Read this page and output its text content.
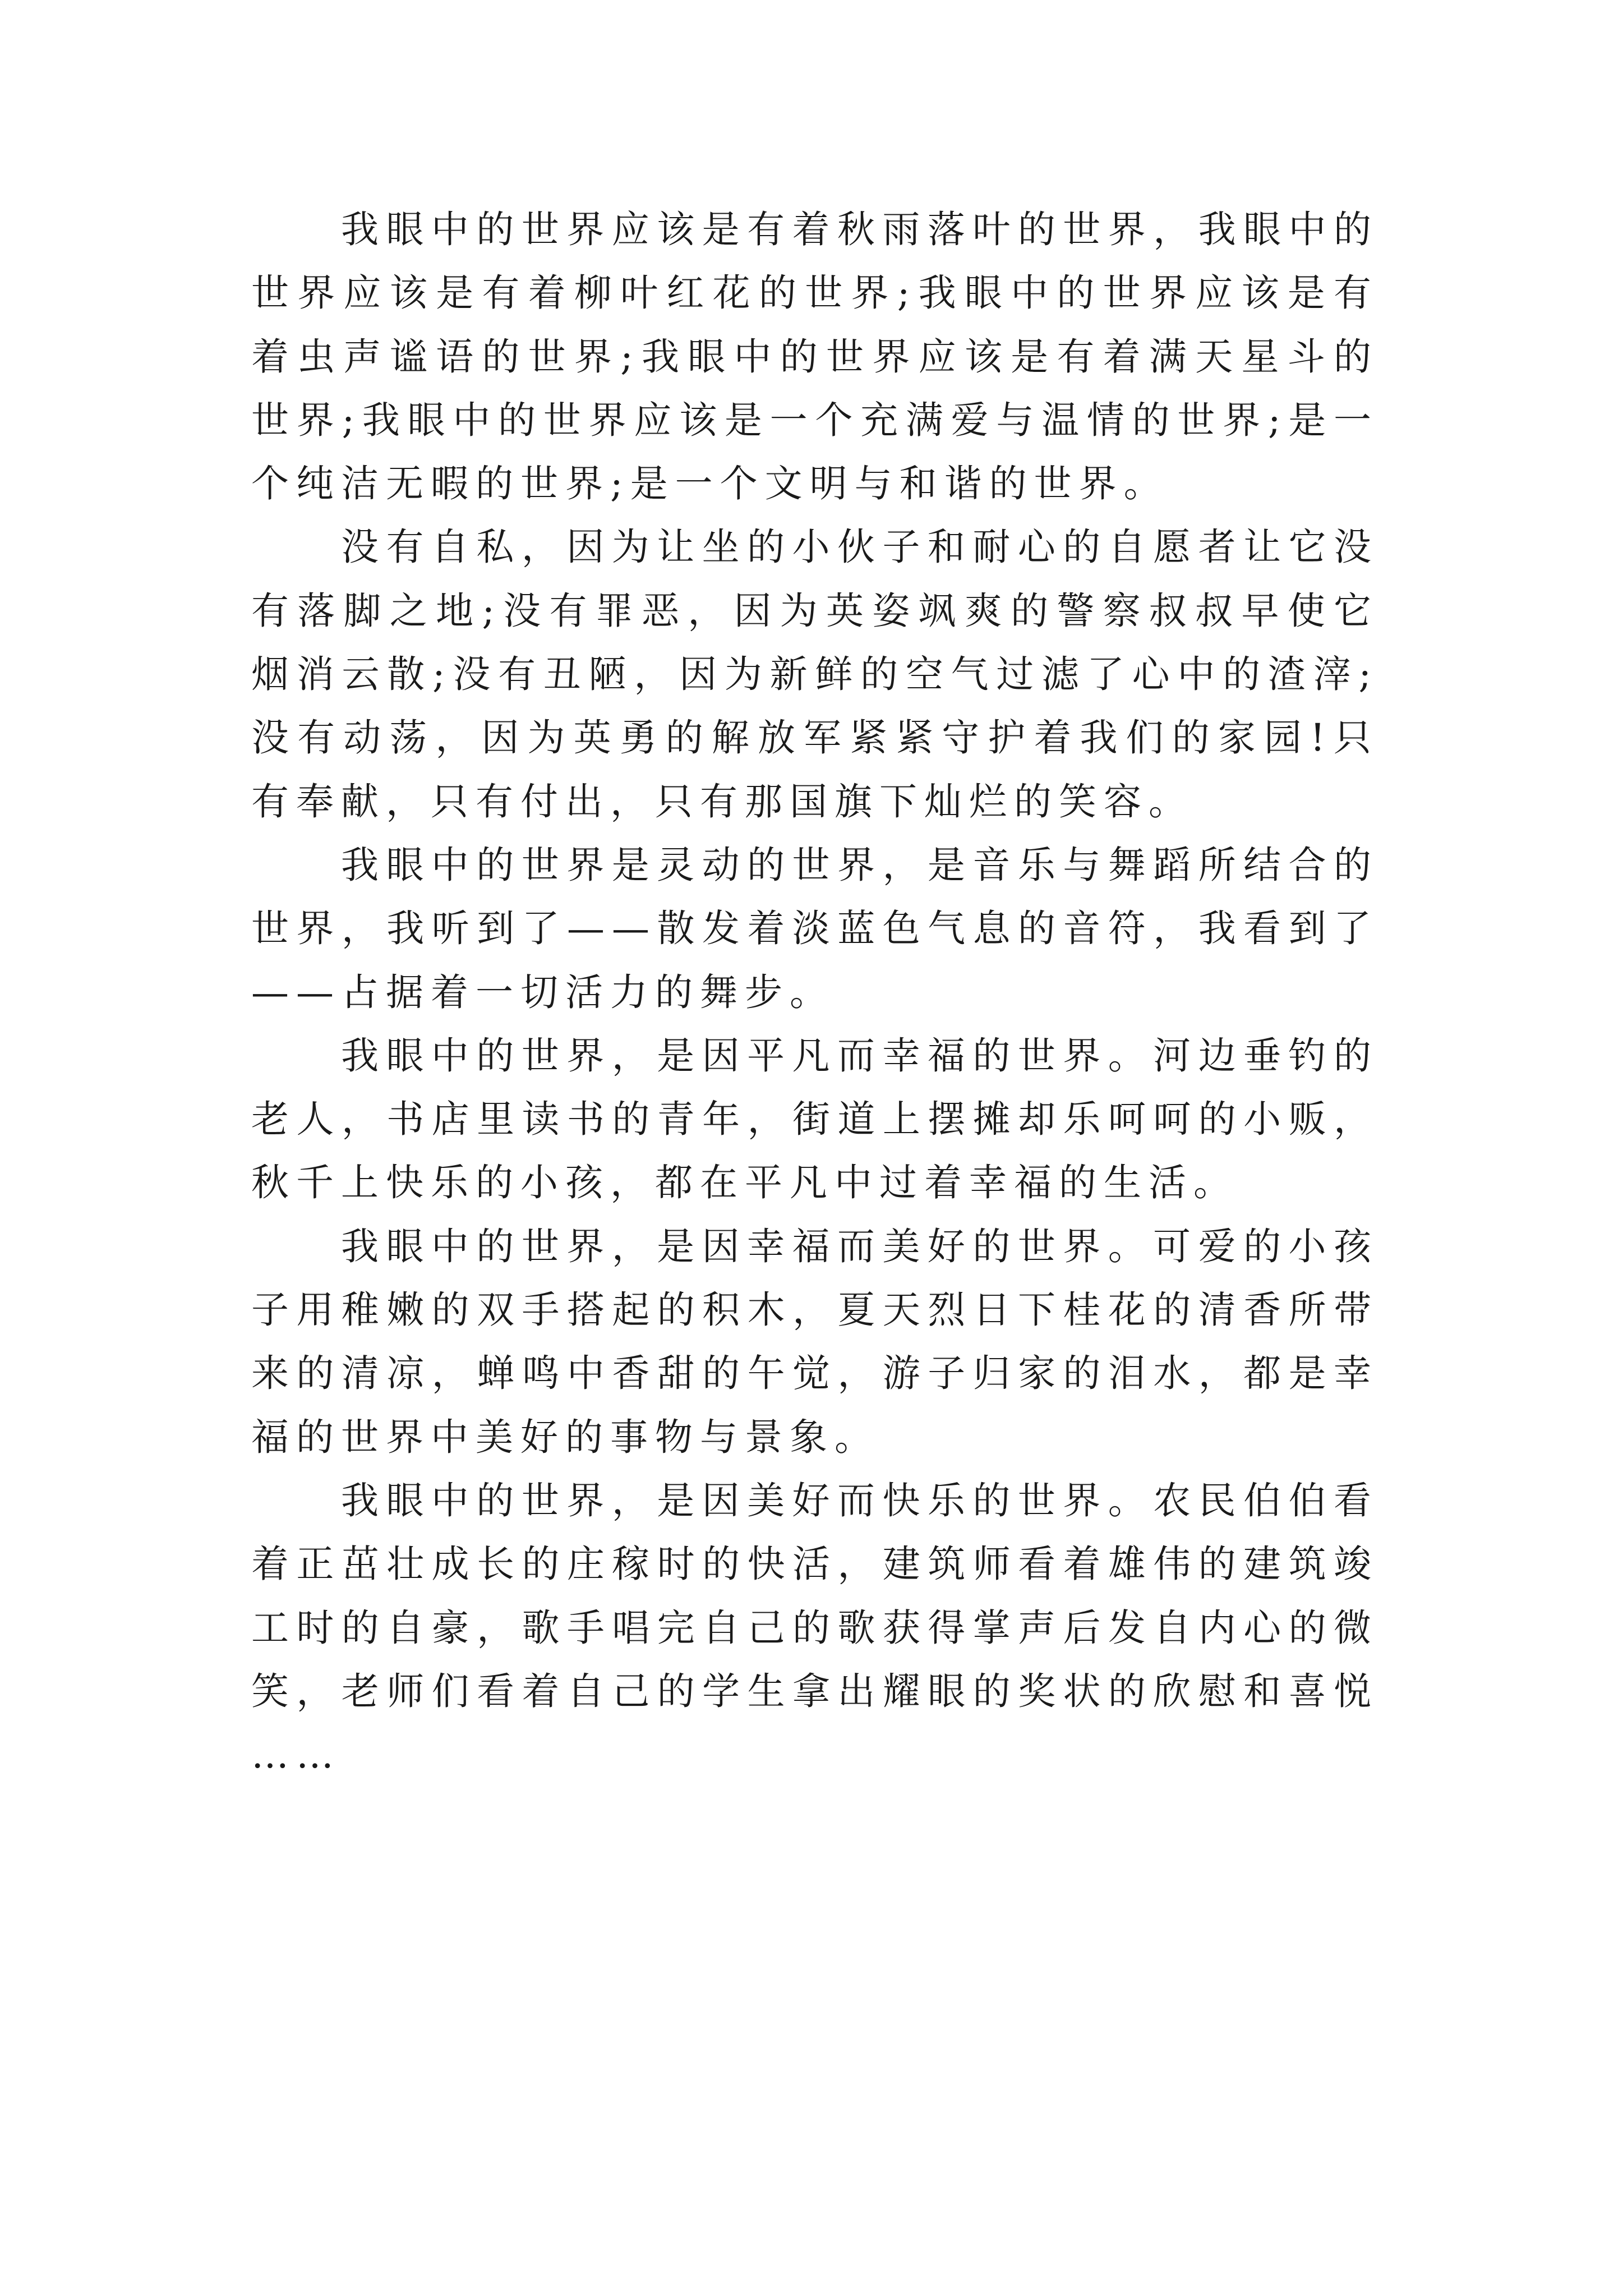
我眼中的世界应该是有着秋雨落叶的世界，我眼中的世界应该是有着柳叶红花的世界;我眼中的世界应该是有着虫声谧语的世界;我眼中的世界应该是有着满天星斗的世界;我眼中的世界应该是一个充满爱与温情的世界;是一个纯洁无暇的世界;是一个文明与和谐的世界。

没有自私，因为让坐的小伙子和耐心的自愿者让它没有落脚之地;没有罪恶，因为英姿飒爽的警察叔叔早使它烟消云散;没有丑陋，因为新鲜的空气过滤了心中的渣滓;没有动荡，因为英勇的解放军紧紧守护着我们的家园!只有奉献，只有付出，只有那国旗下灿烂的笑容。

我眼中的世界是灵动的世界，是音乐与舞蹈所结合的世界，我听到了——散发着淡蓝色气息的音符，我看到了——占据着一切活力的舞步。

我眼中的世界，是因平凡而幸福的世界。河边垂钓的老人，书店里读书的青年，街道上摆摊却乐呵呵的小贩，秋千上快乐的小孩，都在平凡中过着幸福的生活。

我眼中的世界，是因幸福而美好的世界。可爱的小孩子用稚嫩的双手搭起的积木，夏天烈日下桂花的清香所带来的清凉，蝉鸣中香甜的午觉，游子归家的泪水，都是幸福的世界中美好的事物与景象。

我眼中的世界，是因美好而快乐的世界。农民伯伯看着正茁壮成长的庄稼时的快活，建筑师看着雄伟的建筑竣工时的自豪，歌手唱完自己的歌获得掌声后发自内心的微笑，老师们看着自己的学生拿出耀眼的奖状的欣慰和喜悦……
